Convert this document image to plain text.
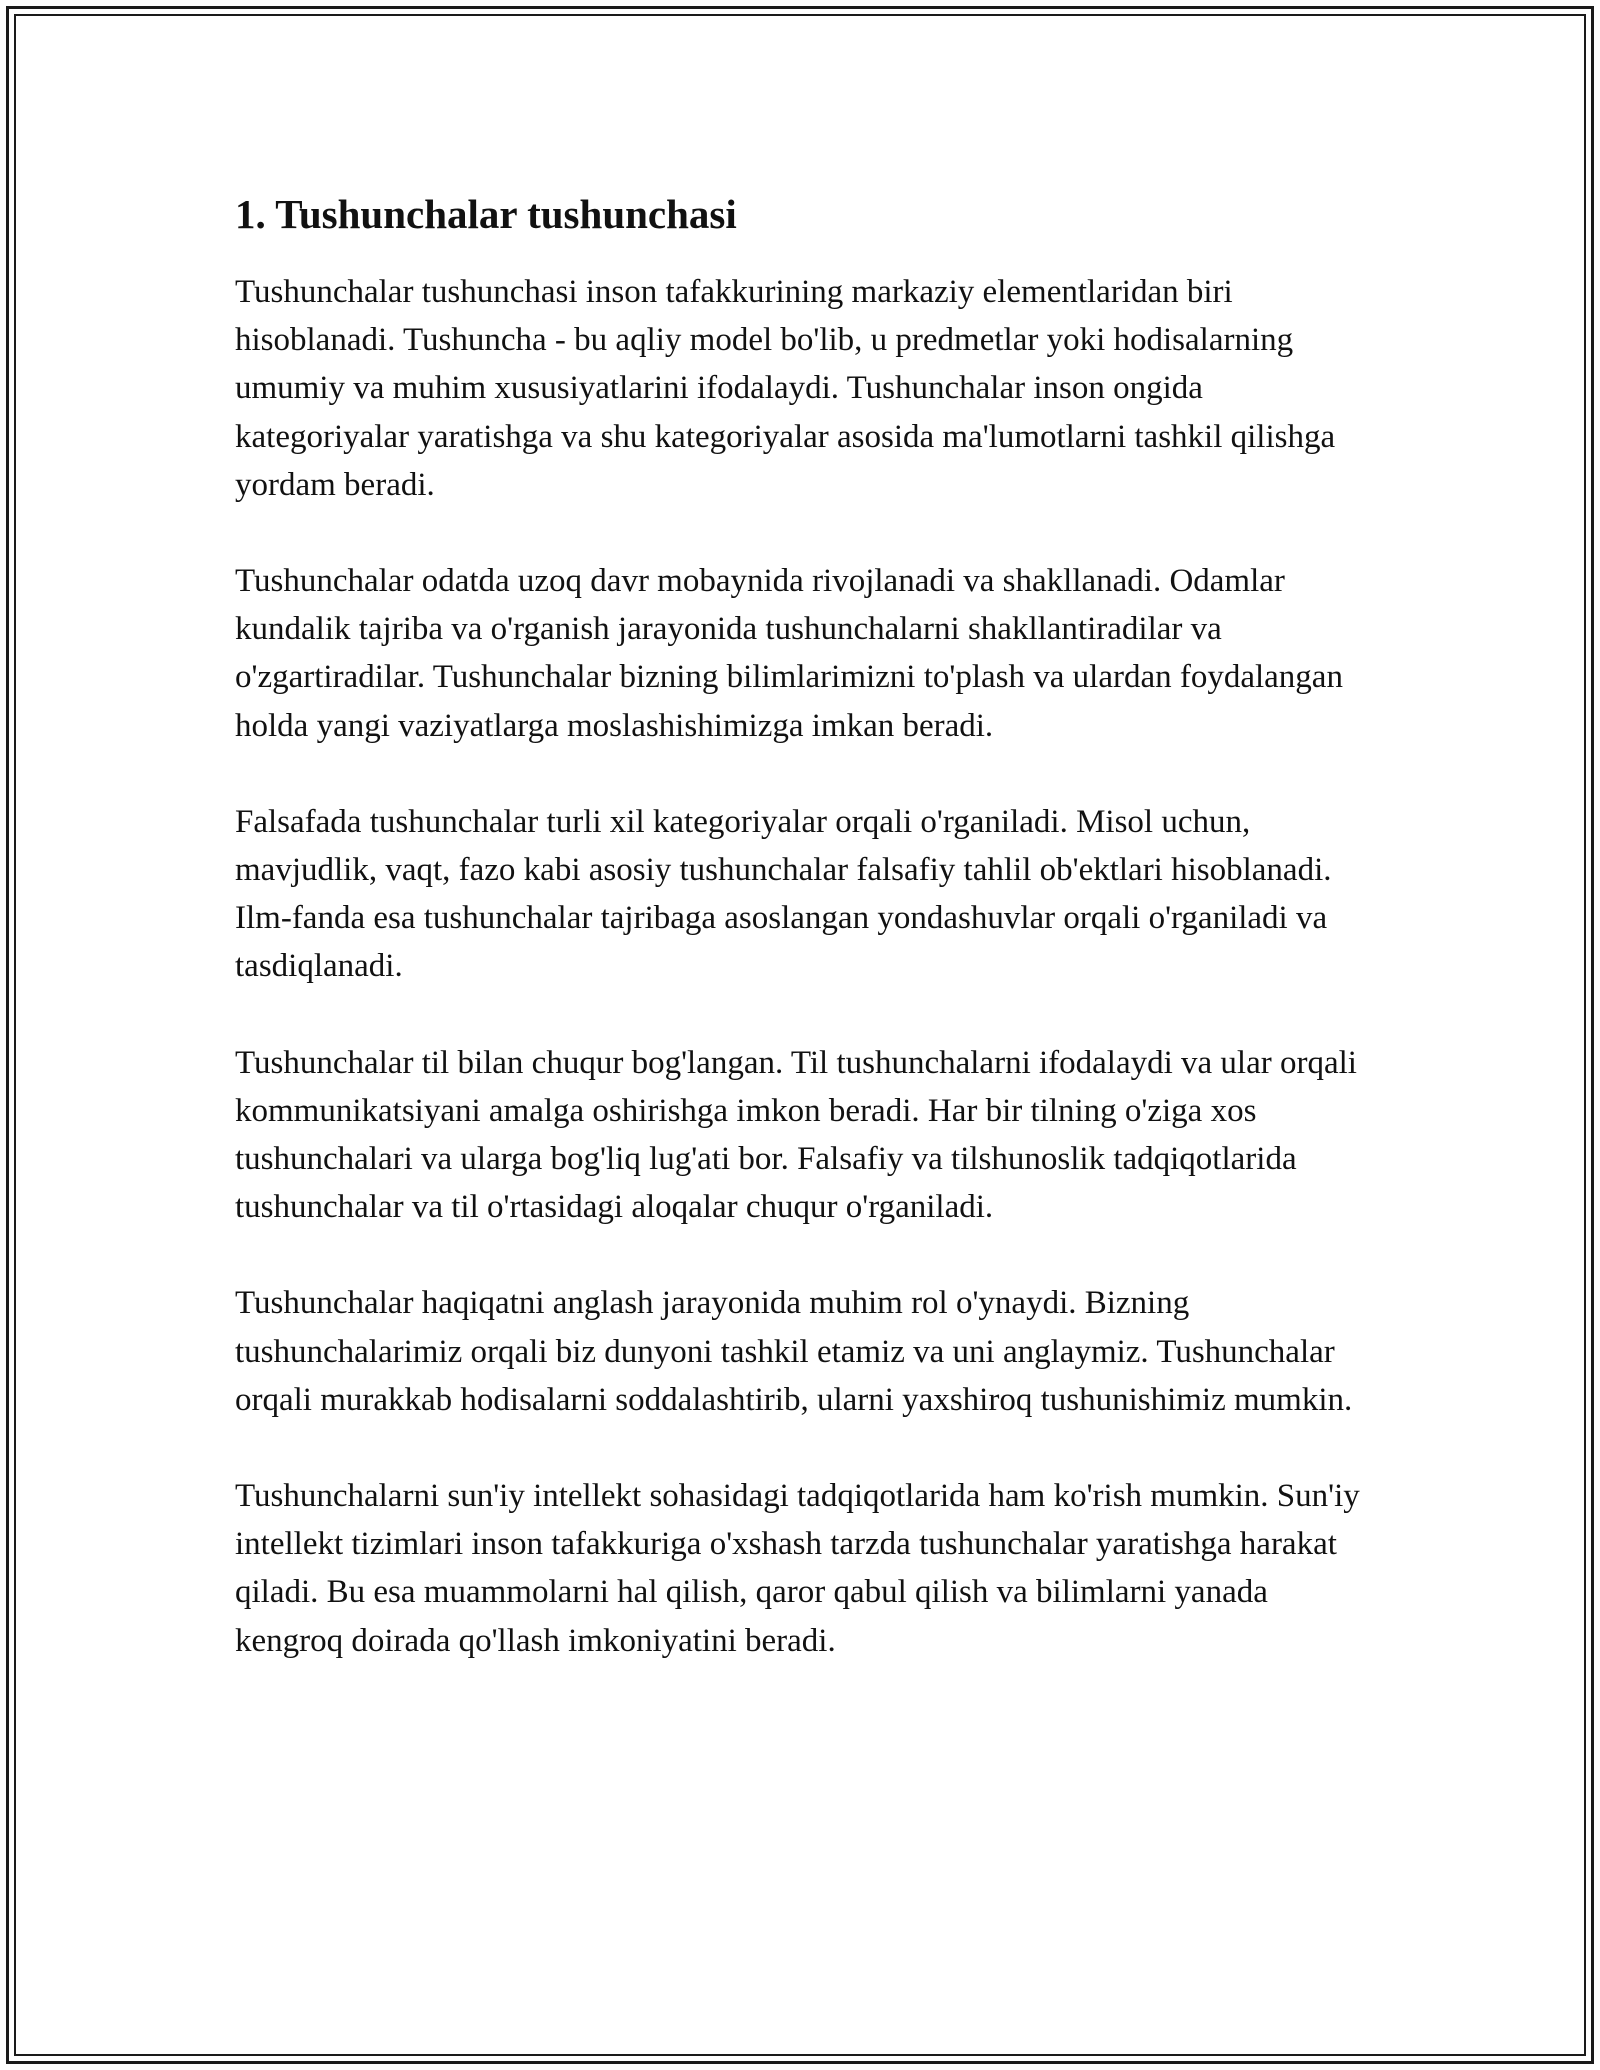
1. Tushunchalar tushunchasi

Tushunchalar tushunchasi inson tafakkurining markaziy elementlaridan biri hisoblanadi. Tushuncha - bu aqliy model bo'lib, u predmetlar yoki hodisalarning umumiy va muhim xususiyatlarini ifodalaydi. Tushunchalar inson ongida kategoriyalar yaratishga va shu kategoriyalar asosida ma'lumotlarni tashkil qilishga yordam beradi.

Tushunchalar odatda uzoq davr mobaynida rivojlanadi va shakllanadi. Odamlar kundalik tajriba va o'rganish jarayonida tushunchalarni shakllantiradilar va o'zgartiradilar. Tushunchalar bizning bilimlarimizni to'plash va ulardan foydalangan holda yangi vaziyatlarga moslashishimizga imkan beradi.

Falsafada tushunchalar turli xil kategoriyalar orqali o'rganiladi. Misol uchun, mavjudlik, vaqt, fazo kabi asosiy tushunchalar falsafiy tahlil ob'ektlari hisoblanadi. Ilm-fanda esa tushunchalar tajribaga asoslangan yondashuvlar orqali o'rganiladi va tasdiqlanadi.

Tushunchalar til bilan chuqur bog'langan. Til tushunchalarni ifodalaydi va ular orqali kommunikatsiyani amalga oshirishga imkon beradi. Har bir tilning o'ziga xos tushunchalari va ularga bog'liq lug'ati bor. Falsafiy va tilshunoslik tadqiqotlarida tushunchalar va til o'rtasidagi aloqalar chuqur o'rganiladi.

Tushunchalar haqiqatni anglash jarayonida muhim rol o'ynaydi. Bizning tushunchalarimiz orqali biz dunyoni tashkil etamiz va uni anglaymiz. Tushunchalar orqali murakkab hodisalarni soddalashtirib, ularni yaxshiroq tushunishimiz mumkin.

Tushunchalarni sun'iy intellekt sohasidagi tadqiqotlarida ham ko'rish mumkin. Sun'iy intellekt tizimlari inson tafakkuriga o'xshash tarzda tushunchalar yaratishga harakat qiladi. Bu esa muammolarni hal qilish, qaror qabul qilish va bilimlarni yanada kengroq doirada qo'llash imkoniyatini beradi.
